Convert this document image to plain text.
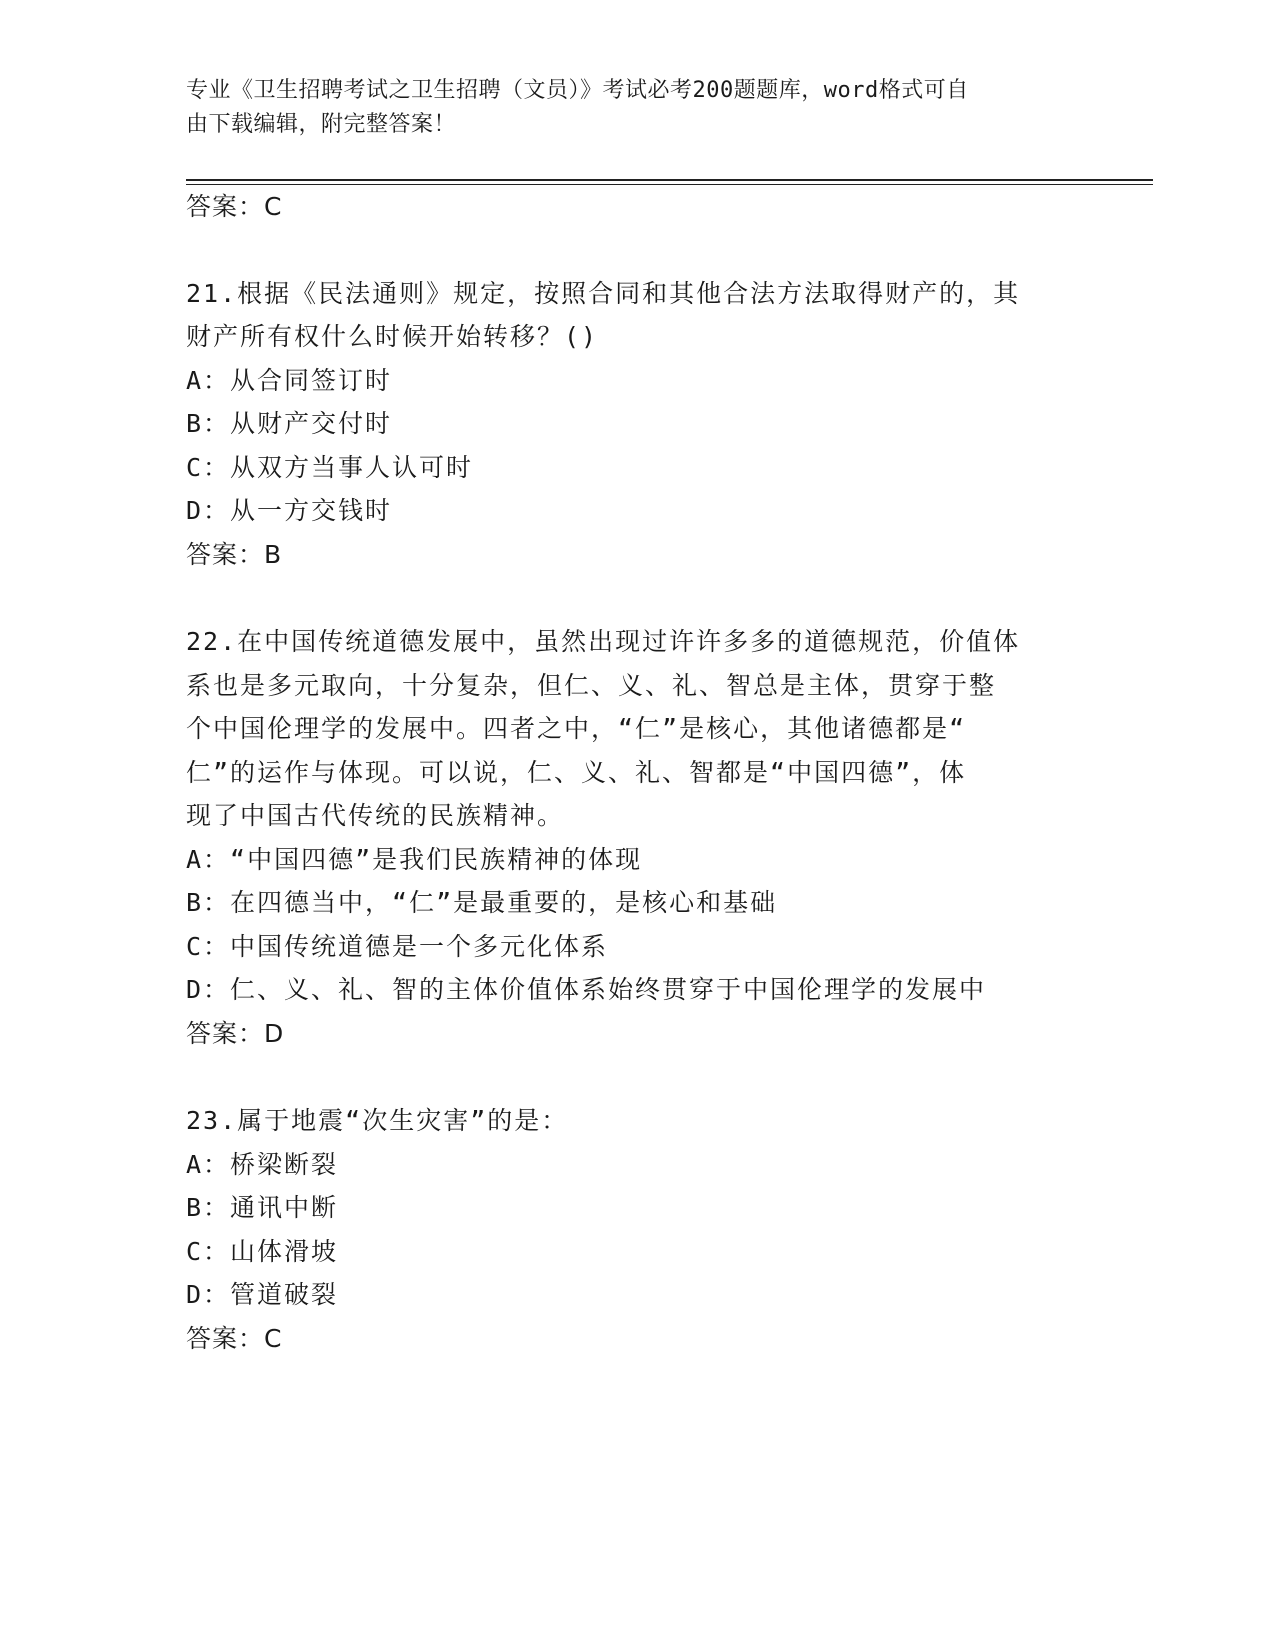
专业《卫生招聘考试之卫生招聘（文员）》考试必考200题题库，word格式可自
由下载编辑，附完整答案！
答案：C
21.根据《民法通则》规定，按照合同和其他合法方法取得财产的，其
财产所有权什么时候开始转移？()
A：从合同签订时
B：从财产交付时
C：从双方当事人认可时
D：从一方交钱时
答案：B
22.在中国传统道德发展中，虽然出现过许许多多的道德规范，价值体
系也是多元取向，十分复杂，但仁、义、礼、智总是主体，贯穿于整
个中国伦理学的发展中。四者之中，“仁”是核心，其他诸德都是“
仁”的运作与体现。可以说，仁、义、礼、智都是“中国四德”，体
现了中国古代传统的民族精神。
A：“中国四德”是我们民族精神的体现
B：在四德当中，“仁”是最重要的，是核心和基础
C：中国传统道德是一个多元化体系
D：仁、义、礼、智的主体价值体系始终贯穿于中国伦理学的发展中
答案：D
23.属于地震“次生灾害”的是：
A：桥梁断裂
B：通讯中断
C：山体滑坡
D：管道破裂
答案：C
